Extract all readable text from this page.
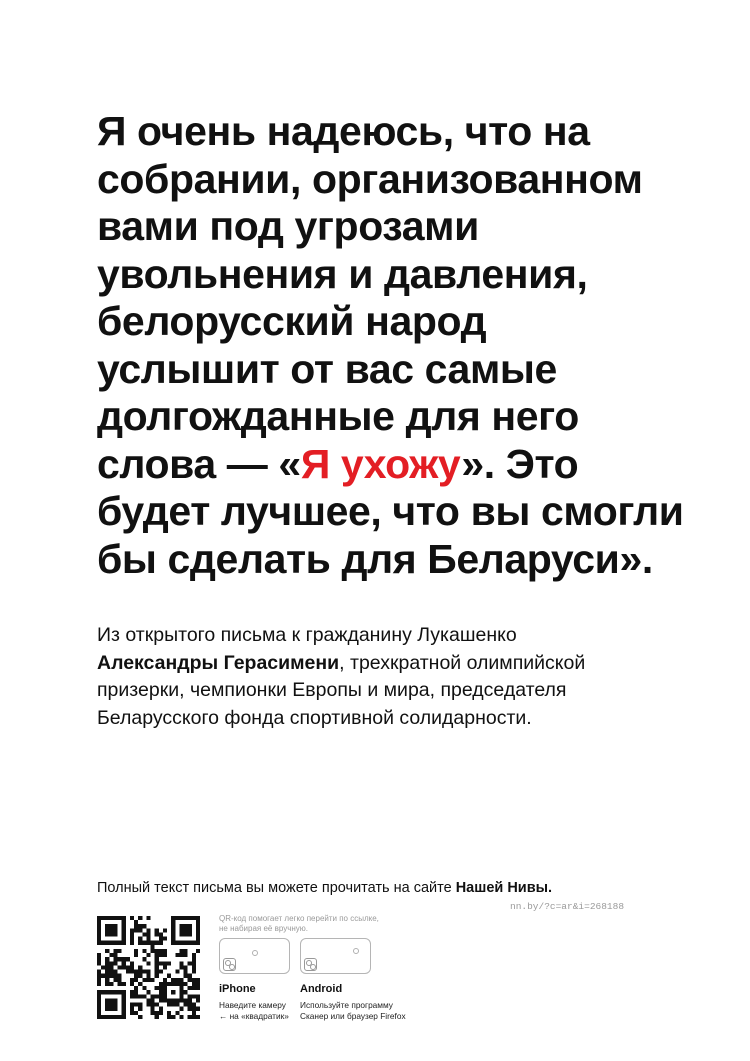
Я очень надеюсь, что на
собрании, организованном
вами под угрозами
увольнения и давления,
белорусский народ
услышит от вас самые
долгожданные для него
слова — «Я ухожу». Это
будет лучшее, что вы смогли
бы сделать для Беларуси».
Из открытого письма к гражданину Лукашенко
Александры Герасимени, трехкратной олимпийской
призерки, чемпионки Европы и мира, председателя
Беларусского фонда спортивной солидарности.
Полный текст письма вы можете прочитать на сайте Нашей Нивы.
nn.by/?c=ar&i=268188
QR-код помогает легко перейти по ссылке,
не набирая её вручную.
iPhone
Наведите камеру
← на «квадратик»
Android
Используйте программу
Сканер или браузер Firefox
